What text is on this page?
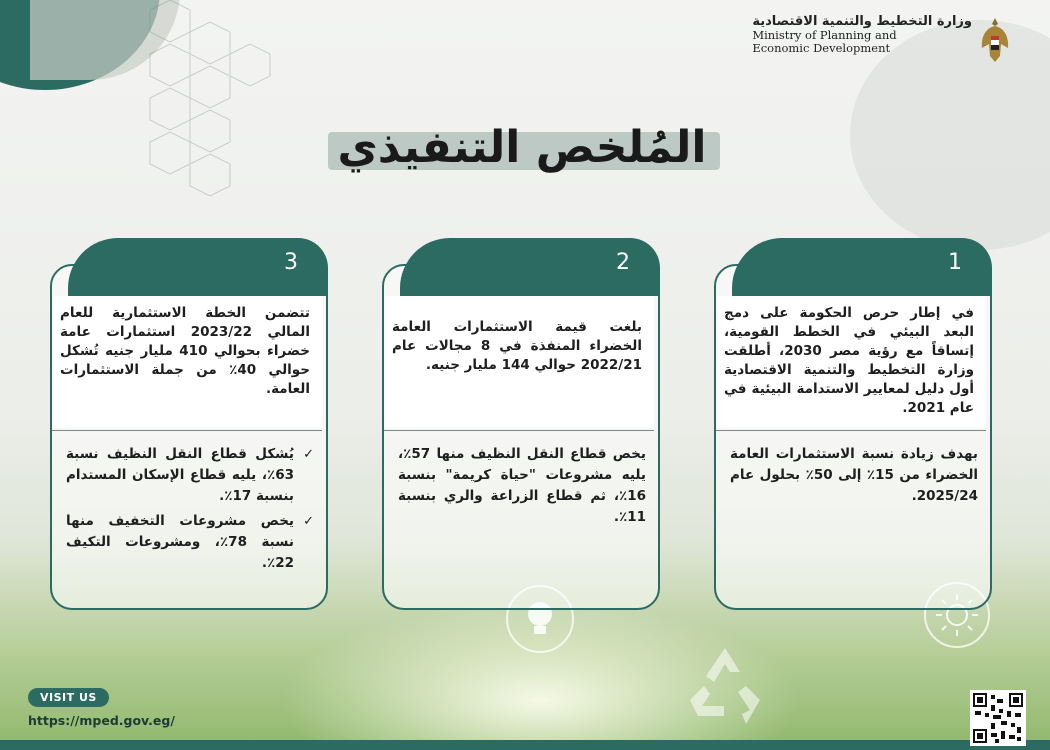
وزارة التخطيط والتنمية الاقتصادية
Ministry of Planning and Economic Development
المُلخص التنفيذي
1
في إطار حرص الحكومة على دمج البعد البيئي في الخطط القومية، إتساقاً مع رؤية مصر 2030، أطلقت وزارة التخطيط والتنمية الاقتصادية أول دليل لمعايير الاستدامة البيئية في عام 2021.
بهدف زيادة نسبة الاستثمارات العامة الخضراء من 15٪ إلى 50٪ بحلول عام 2025/24.
2
بلغت قيمة الاستثمارات العامة الخضراء المنفذة في 8 مجالات عام 2022/21 حوالي 144 مليار جنيه.
يخص قطاع النقل النظيف منها 57٪، يليه مشروعات "حياة كريمة" بنسبة 16٪، ثم قطاع الزراعة والري بنسبة 11٪.
3
تتضمن الخطة الاستثمارية للعام المالي 2023/22 استثمارات عامة خضراء بحوالي 410 مليار جنيه تُشكل حوالي 40٪ من جملة الاستثمارات العامة.
✓
يُشكل قطاع النقل النظيف نسبة 63٪، يليه قطاع الإسكان المستدام بنسبة 17٪.
✓
يخص مشروعات التخفيف منها نسبة 78٪، ومشروعات التكيف 22٪.
VISIT US
https://mped.gov.eg/
